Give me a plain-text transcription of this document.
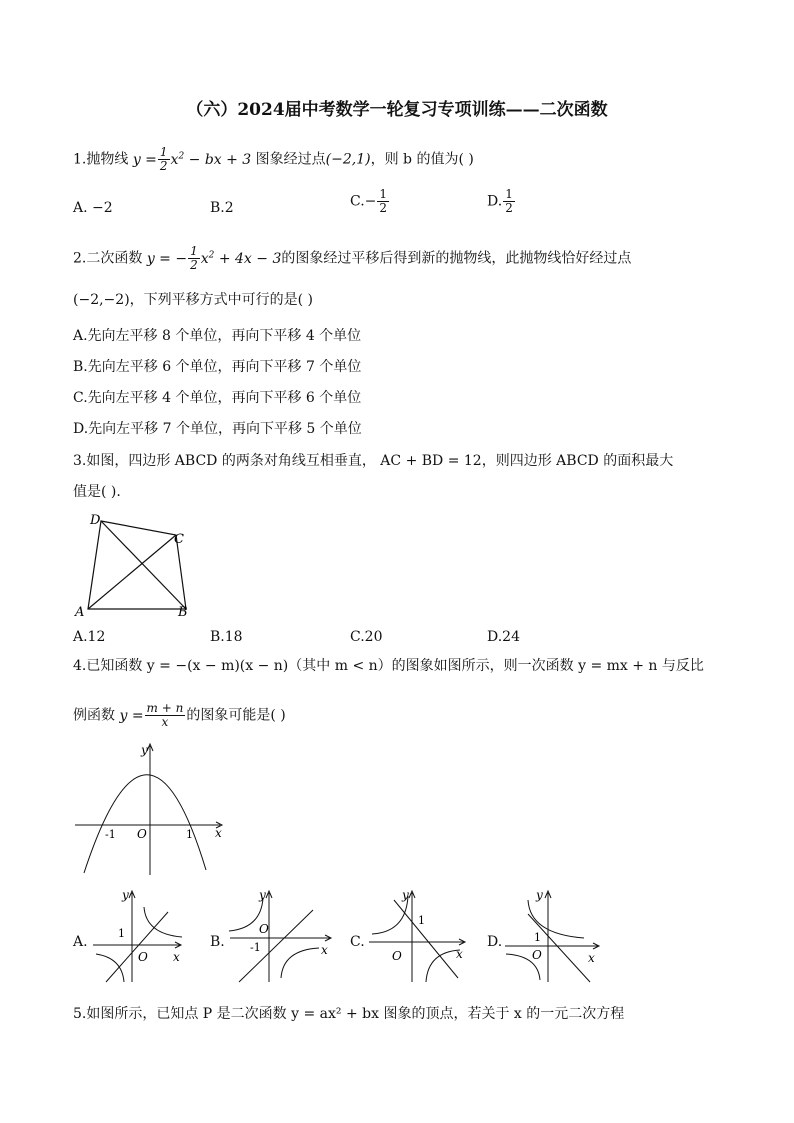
（六）2024届中考数学一轮复习专项训练——二次函数
1.抛物线 $y = \frac{1}{2} x^2$ − bx + 3 图象经过点(−2,1)，则 b 的值为( )
A. −2	B.2	$C.- \frac{1}{2}$	D. $\frac{1}{2}$
2.二次函数 y = − $\frac{1}{2} x^2 + 4x - 3$的图象经过平移后得到新的抛物线，此抛物线恰好经过点
(−2,−2)，下列平移方式中可行的是( )
A.先向左平移 8 个单位，再向下平移 4 个单位
B.先向左平移 6 个单位，再向下平移 7 个单位
C.先向左平移 4 个单位，再向下平移 6 个单位
D.先向左平移 7 个单位，再向下平移 5 个单位
3.如图，四边形 ABCD 的两条对角线互相垂直， AC + BD = 12，则四边形 ABCD 的面积最大
值是( ).
D
C
A	B
A.12	B.18	C.20	D.24
4.已知函数 y = −(x − m)(x − n)（其中 m < n）的图象如图所示，则一次函数 y = mx + n 与反比
例函数 $y = \frac{m + n}{x}$ 的图象可能是( )
y
x
O
-1	1
A.
y
x
O
1
B.
y
x
O
-1	C.
y
x
O
1
D.
y
x
O
1
5.如图所示，已知点 P 是二次函数 y = ax² + bx 图象的顶点，若关于 x 的一元二次方程
